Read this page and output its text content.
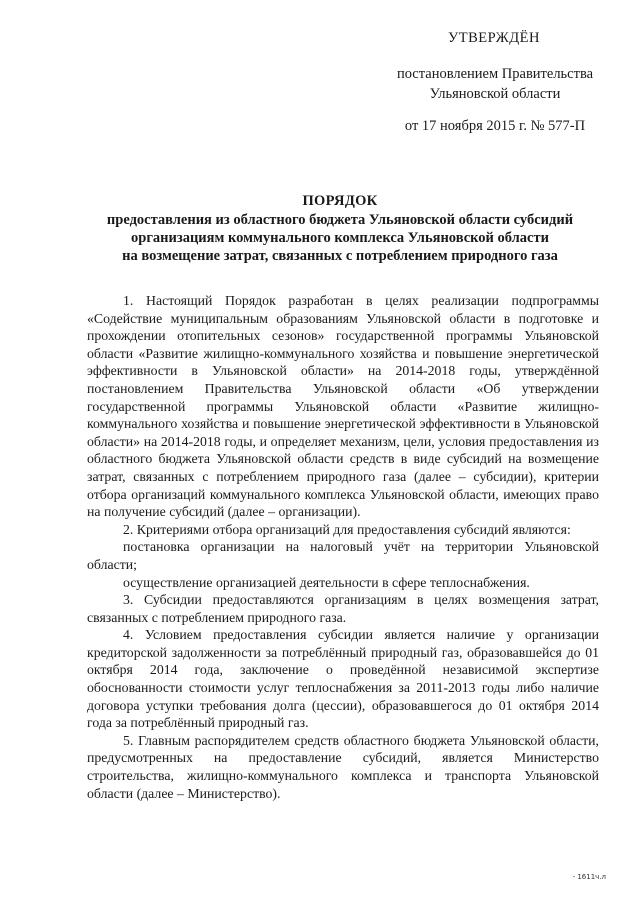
УТВЕРЖДЁН
постановлением Правительства
Ульяновской области
от 17 ноября 2015 г. № 577-П
ПОРЯДОК
предоставления из областного бюджета Ульяновской области субсидий
организациям коммунального комплекса Ульяновской области
на возмещение затрат, связанных с потреблением природного газа

1. Настоящий Порядок разработан в целях реализации подпрограммы «Содействие муниципальным образованиям Ульяновской области в подготовке и прохождении отопительных сезонов» государственной программы Ульяновской области «Развитие жилищно-коммунального хозяйства и повышение энергетической эффективности в Ульяновской области» на 2014-2018 годы, утверждённой постановлением Правительства Ульяновской области «Об утверждении государственной программы Ульяновской области «Развитие жилищно-коммунального хозяйства и повышение энергетической эффективности в Ульяновской области» на 2014-2018 годы, и определяет механизм, цели, условия предоставления из областного бюджета Ульяновской области средств в виде субсидий на возмещение затрат, связанных с потреблением природного газа (далее – субсидии), критерии отбора организаций коммунального комплекса Ульяновской области, имеющих право на получение субсидий (далее – организации).

2. Критериями отбора организаций для предоставления субсидий являются:

постановка организации на налоговый учёт на территории Ульяновской области;

осуществление организацией деятельности в сфере теплоснабжения.

3. Субсидии предоставляются организациям в целях возмещения затрат, связанных с потреблением природного газа.

4. Условием предоставления субсидии является наличие у организации кредиторской задолженности за потреблённый природный газ, образовавшейся до 01 октября 2014 года, заключение о проведённой независимой экспертизе обоснованности стоимости услуг теплоснабжения за 2011-2013 годы либо наличие договора уступки требования долга (цессии), образовавшегося до 01 октября 2014 года за потреблённый природный газ.

5. Главным распорядителем средств областного бюджета Ульяновской области, предусмотренных на предоставление субсидий, является Министерство строительства, жилищно-коммунального комплекса и транспорта Ульяновской области (далее – Министерство).

- 1611ч.л
